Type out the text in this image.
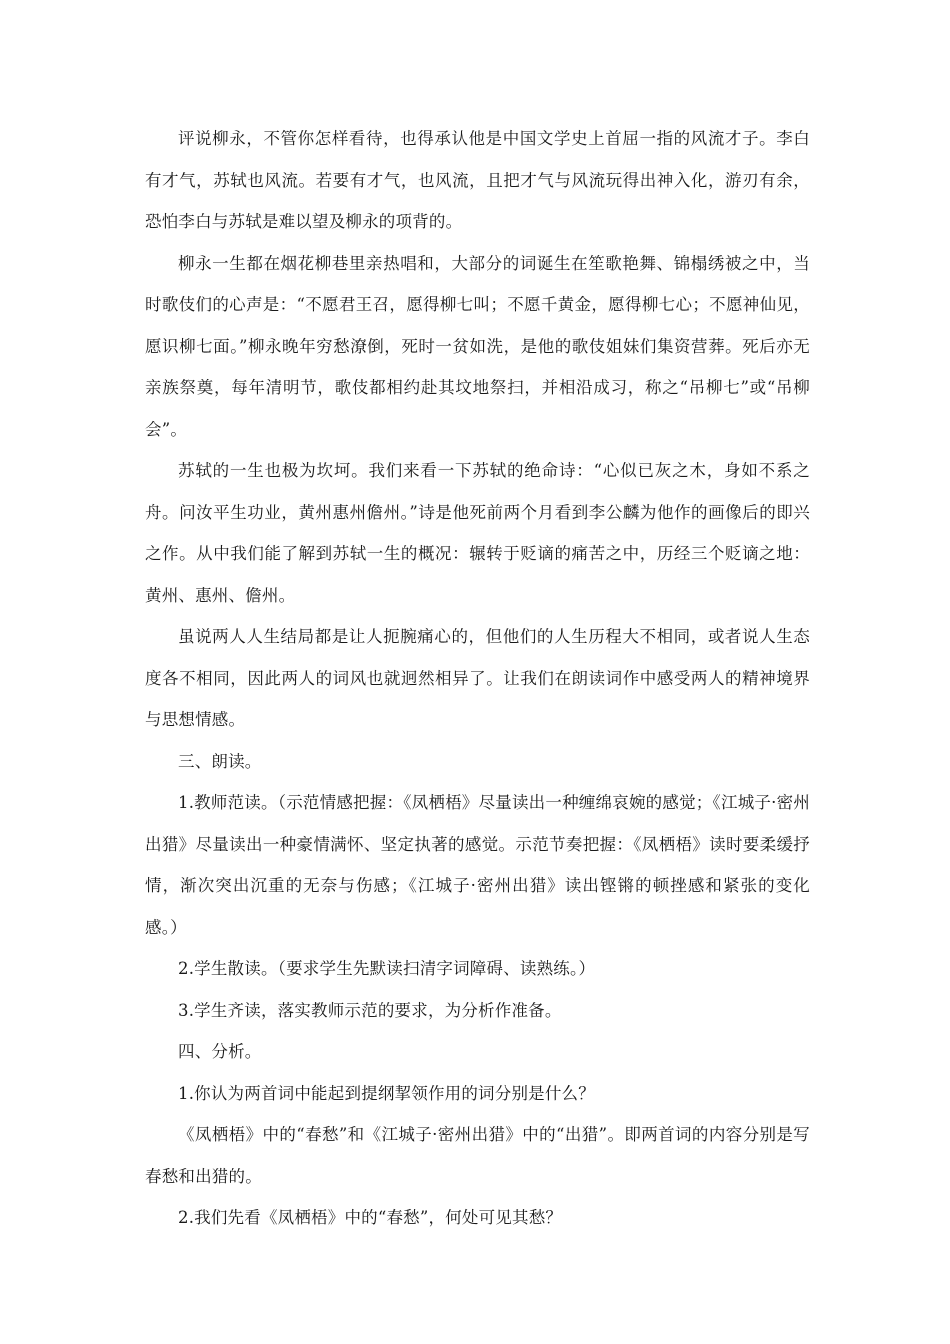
评说柳永，不管你怎样看待，也得承认他是中国文学史上首屈一指的风流才子。李白有才气，苏轼也风流。若要有才气，也风流，且把才气与风流玩得出神入化，游刃有余，恐怕李白与苏轼是难以望及柳永的项背的。

柳永一生都在烟花柳巷里亲热唱和，大部分的词诞生在笙歌艳舞、锦榻绣被之中，当时歌伎们的心声是：“不愿君王召，愿得柳七叫；不愿千黄金，愿得柳七心；不愿神仙见，愿识柳七面。”柳永晚年穷愁潦倒，死时一贫如洗，是他的歌伎姐妹们集资营葬。死后亦无亲族祭奠，每年清明节，歌伎都相约赴其坟地祭扫，并相沿成习，称之“吊柳七”或“吊柳会”。

苏轼的一生也极为坎坷。我们来看一下苏轼的绝命诗：“心似已灰之木，身如不系之舟。问汝平生功业，黄州惠州儋州。”诗是他死前两个月看到李公麟为他作的画像后的即兴之作。从中我们能了解到苏轼一生的概况：辗转于贬谪的痛苦之中，历经三个贬谪之地：黄州、惠州、儋州。

虽说两人人生结局都是让人扼腕痛心的，但他们的人生历程大不相同，或者说人生态度各不相同，因此两人的词风也就迥然相异了。让我们在朗读词作中感受两人的精神境界与思想情感。

三、朗读。

1.教师范读。（示范情感把握：《凤栖梧》尽量读出一种缠绵哀婉的感觉；《江城子·密州出猎》尽量读出一种豪情满怀、坚定执著的感觉。示范节奏把握：《凤栖梧》读时要柔缓抒情，渐次突出沉重的无奈与伤感；《江城子·密州出猎》读出铿锵的顿挫感和紧张的变化感。）

2.学生散读。（要求学生先默读扫清字词障碍、读熟练。）

3.学生齐读，落实教师示范的要求，为分析作准备。

四、分析。

1.你认为两首词中能起到提纲挈领作用的词分别是什么？

《凤栖梧》中的“春愁”和《江城子·密州出猎》中的“出猎”。即两首词的内容分别是写春愁和出猎的。

2.我们先看《凤栖梧》中的“春愁”，何处可见其愁？
